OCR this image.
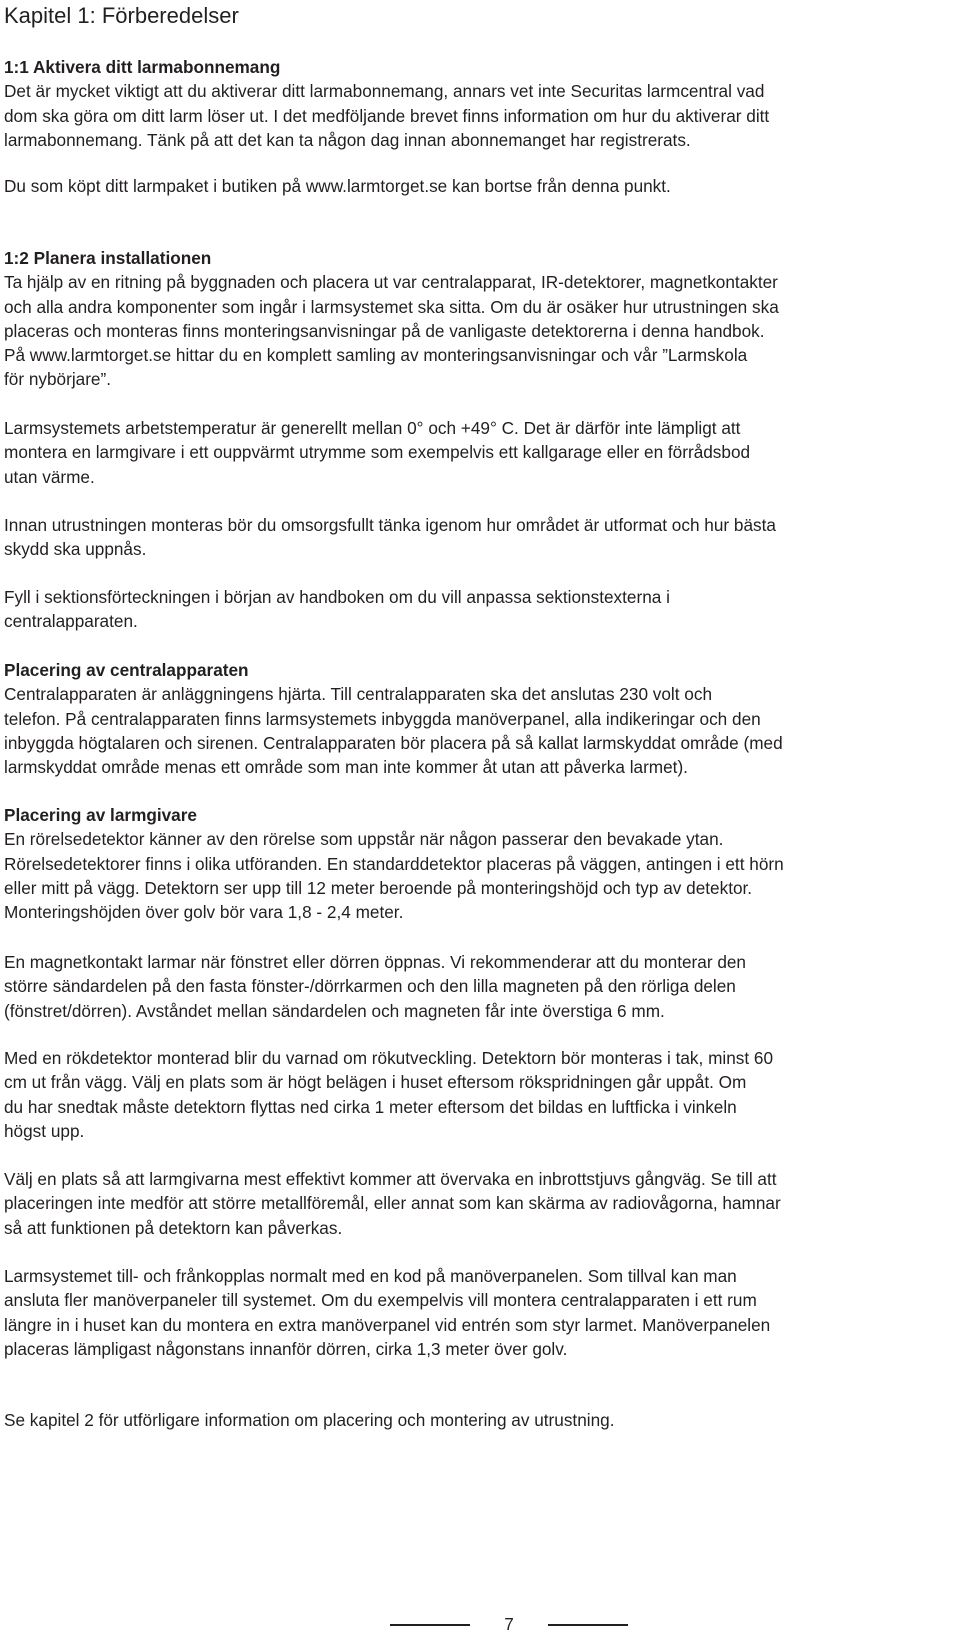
Kapitel 1: Förberedelser
1:1 Aktivera ditt larmabonnemang
Det är mycket viktigt att du aktiverar ditt larmabonnemang, annars vet inte Securitas larmcentral vad
dom ska göra om ditt larm löser ut. I det medföljande brevet finns information om hur du aktiverar ditt
larmabonnemang. Tänk på att det kan ta någon dag innan abonnemanget har registrerats.
Du som köpt ditt larmpaket i butiken på www.larmtorget.se kan bortse från denna punkt.
1:2 Planera installationen
Ta hjälp av en ritning på byggnaden och placera ut var centralapparat, IR-detektorer, magnetkontakter
och alla andra komponenter som ingår i larmsystemet ska sitta. Om du är osäker hur utrustningen ska
placeras och monteras finns monteringsanvisningar på de vanligaste detektorerna i denna handbok.
På www.larmtorget.se hittar du en komplett samling av monteringsanvisningar och vår ”Larmskola
för nybörjare”.
Larmsystemets arbetstemperatur är generellt mellan 0° och +49° C. Det är därför inte lämpligt att
montera en larmgivare i ett ouppvärmt utrymme som exempelvis ett kallgarage eller en förrådsbod
utan värme.
Innan utrustningen monteras bör du omsorgsfullt tänka igenom hur området är utformat och hur bästa
skydd ska uppnås.
Fyll i sektionsförteckningen i början av handboken om du vill anpassa sektionstexterna i
centralapparaten.
Placering av centralapparaten
Centralapparaten är anläggningens hjärta. Till centralapparaten ska det anslutas 230 volt och
telefon. På centralapparaten finns larmsystemets inbyggda manöverpanel, alla indikeringar och den
inbyggda högtalaren och sirenen. Centralapparaten bör placera på så kallat larmskyddat område (med
larmskyddat område menas ett område som man inte kommer åt utan att påverka larmet).
Placering av larmgivare
En rörelsedetektor känner av den rörelse som uppstår när någon passerar den bevakade ytan.
Rörelsedetektorer finns i olika utföranden. En standarddetektor placeras på väggen, antingen i ett hörn
eller mitt på vägg. Detektorn ser upp till 12 meter beroende på monteringshöjd och typ av detektor.
Monteringshöjden över golv bör vara 1,8 - 2,4 meter.
En magnetkontakt larmar när fönstret eller dörren öppnas. Vi rekommenderar att du monterar den
större sändardelen på den fasta fönster-/dörrkarmen och den lilla magneten på den rörliga delen
(fönstret/dörren). Avståndet mellan sändardelen och magneten får inte överstiga 6 mm.
Med en rökdetektor monterad blir du varnad om rökutveckling. Detektorn bör monteras i tak, minst 60
cm ut från vägg. Välj en plats som är högt belägen i huset eftersom rökspridningen går uppåt. Om
du har snedtak måste detektorn flyttas ned cirka 1 meter eftersom det bildas en luftficka i vinkeln
högst upp.
Välj en plats så att larmgivarna mest effektivt kommer att övervaka en inbrottstjuvs gångväg. Se till att
placeringen inte medför att större metallföremål, eller annat som kan skärma av radiovågorna, hamnar
så att funktionen på detektorn kan påverkas.
Larmsystemet till- och frånkopplas normalt med en kod på manöverpanelen. Som tillval kan man
ansluta fler manöverpaneler till systemet. Om du exempelvis vill montera centralapparaten i ett rum
längre in i huset kan du montera en extra manöverpanel vid entrén som styr larmet. Manöverpanelen
placeras lämpligast någonstans innanför dörren, cirka 1,3 meter över golv.
Se kapitel 2 för utförligare information om placering och montering av utrustning.
7
